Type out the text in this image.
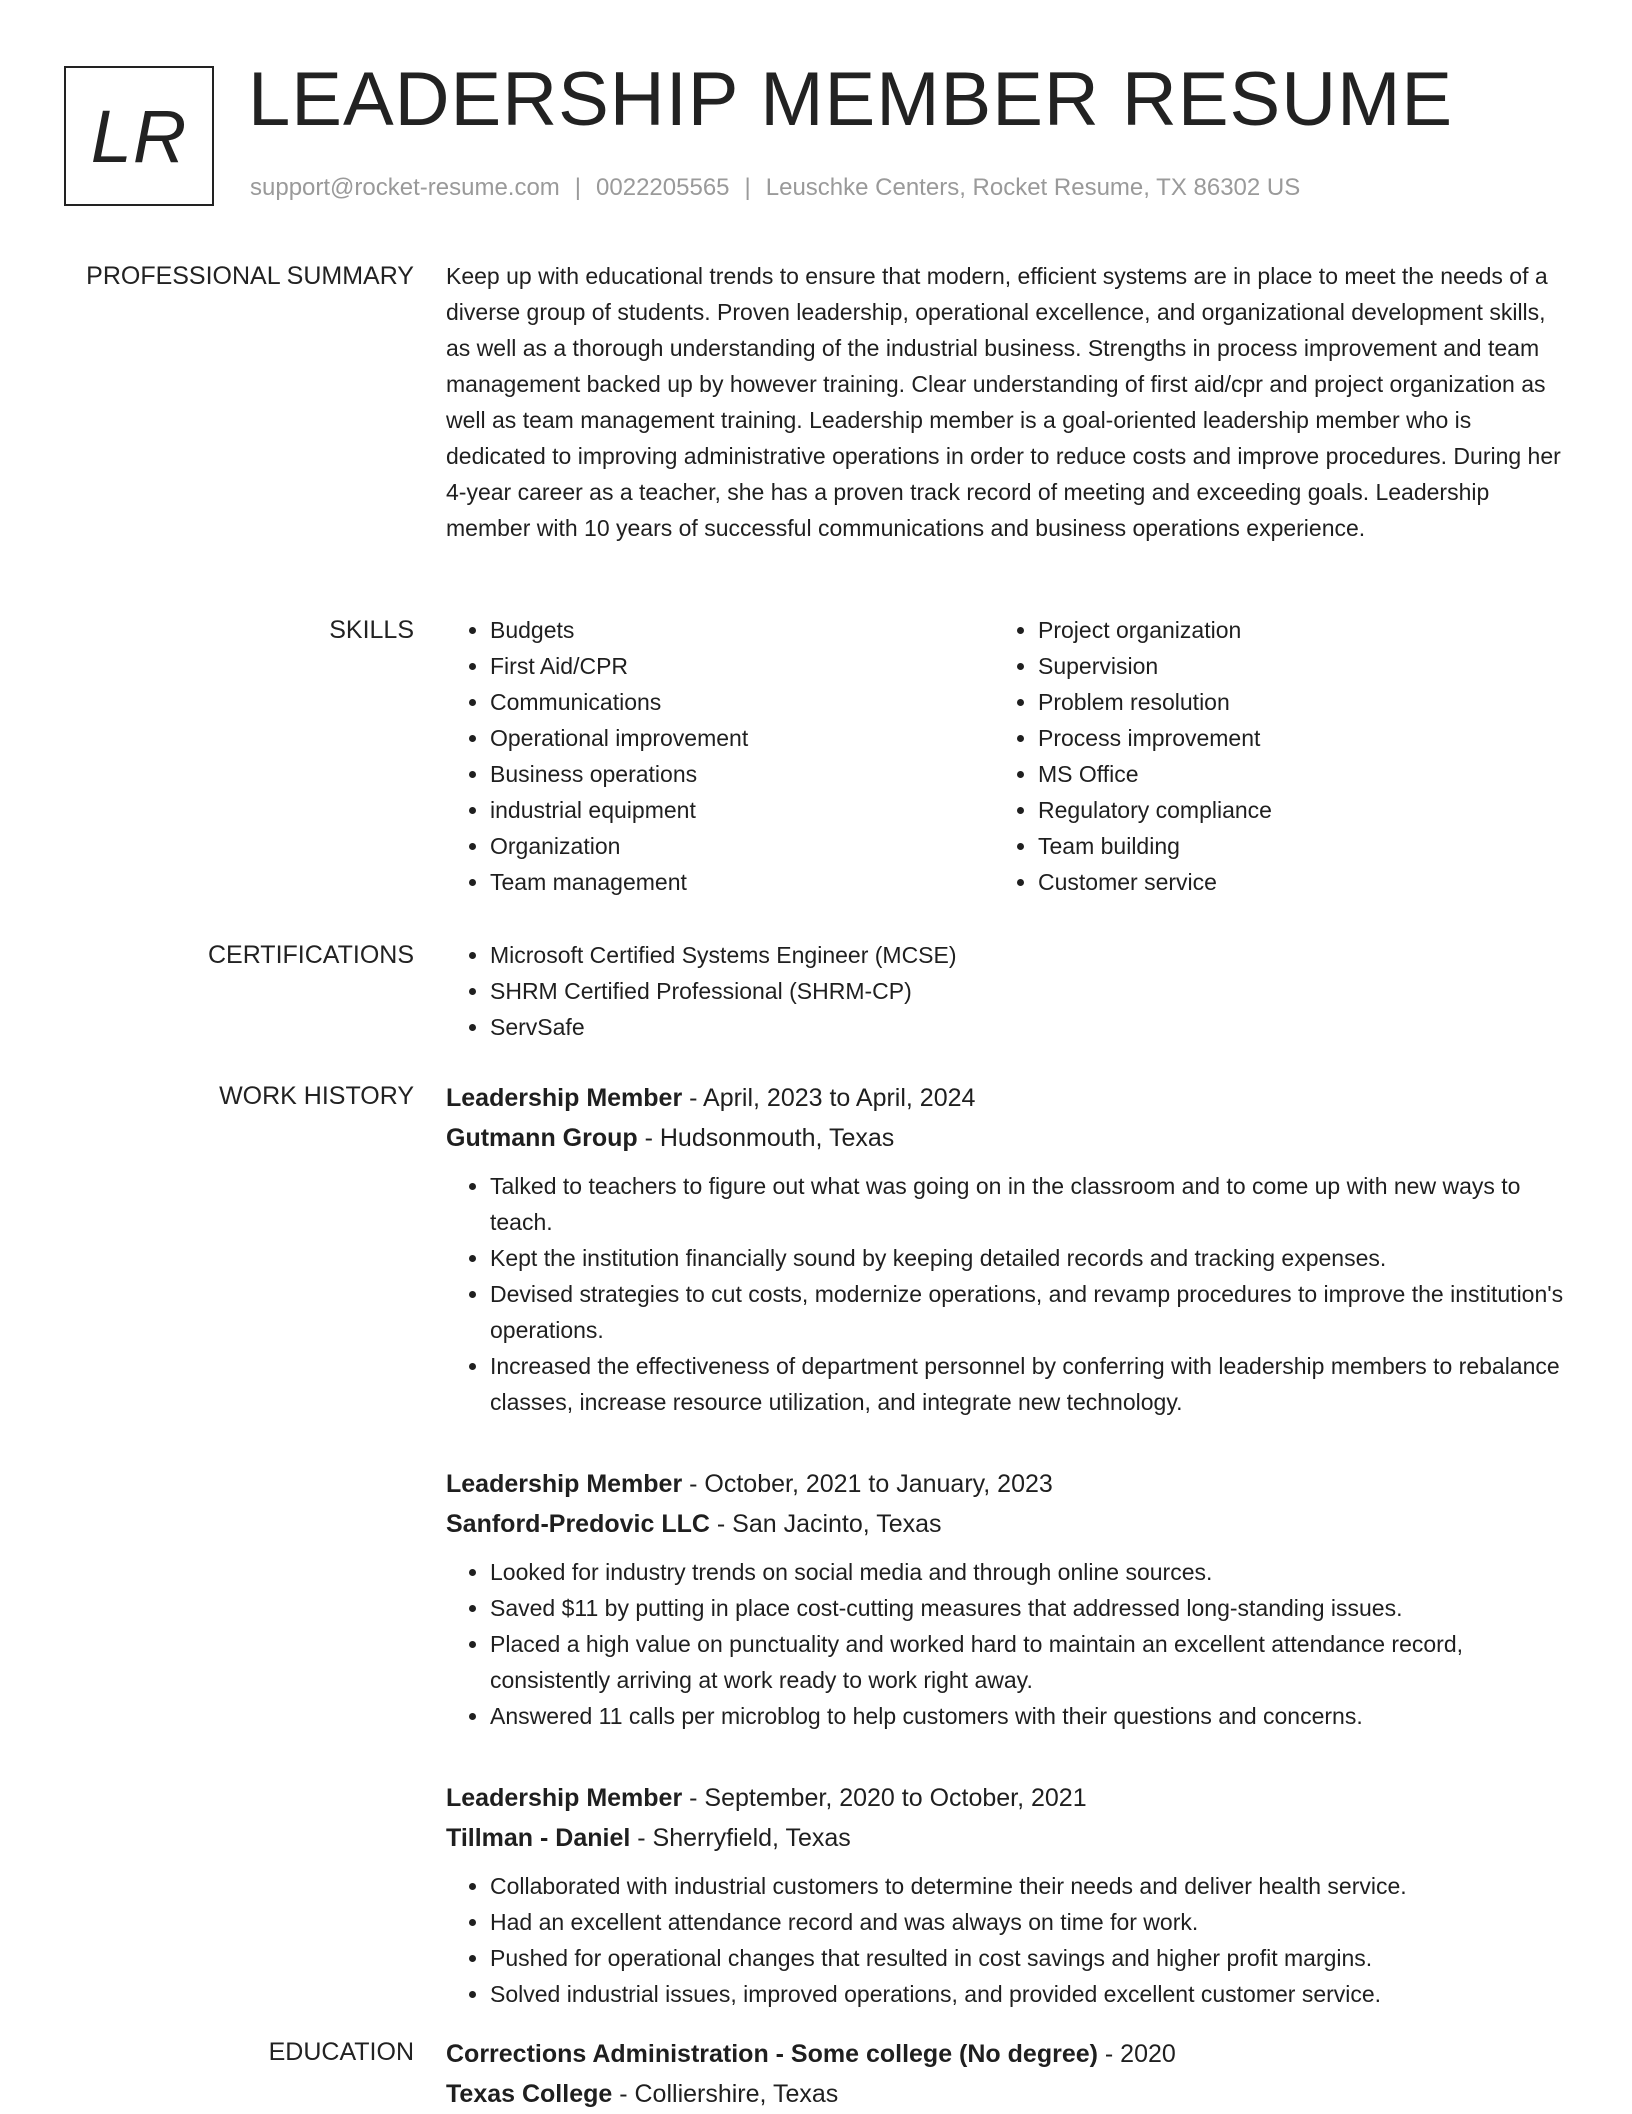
LR LEADERSHIP MEMBER RESUME
support@rocket-resume.com | 0022205565 | Leuschke Centers, Rocket Resume, TX 86302 US
PROFESSIONAL SUMMARY Keep up with educational trends to ensure that modern, efficient systems are in place to meet the needs of a diverse group of students. Proven leadership, operational excellence, and organizational development skills, as well as a thorough understanding of the industrial business. Strengths in process improvement and team management backed up by however training. Clear understanding of first aid/cpr and project organization as well as team management training. Leadership member is a goal-oriented leadership member who is dedicated to improving administrative operations in order to reduce costs and improve procedures. During her 4-year career as a teacher, she has a proven track record of meeting and exceeding goals. Leadership member with 10 years of successful communications and business operations experience.

SKILLS	• Budgets
• First Aid/CPR
• Communications
• Operational improvement
• Business operations
• industrial equipment
• Organization
• Team management
• Project organization
• Supervision
• Problem resolution
• Process improvement
• MS Office
• Regulatory compliance
• Team building
• Customer service
CERTIFICATIONS	• Microsoft Certified Systems Engineer (MCSE)
• SHRM Certified Professional (SHRM-CP)
• ServSafe
WORK HISTORY Leadership Member - April, 2023 to April, 2024
Gutmann Group - Hudsonmouth, Texas
• Talked to teachers to figure out what was going on in the classroom and to come up with new ways to teach.
• Kept the institution financially sound by keeping detailed records and tracking expenses.
• Devised strategies to cut costs, modernize operations, and revamp procedures to improve the institution's operations.
• Increased the effectiveness of department personnel by conferring with leadership members to rebalance classes, increase resource utilization, and integrate new technology.
Leadership Member - October, 2021 to January, 2023
Sanford-Predovic LLC - San Jacinto, Texas
• Looked for industry trends on social media and through online sources.
• Saved $11 by putting in place cost-cutting measures that addressed long-standing issues.
• Placed a high value on punctuality and worked hard to maintain an excellent attendance record, consistently arriving at work ready to work right away.
• Answered 11 calls per microblog to help customers with their questions and concerns.
Leadership Member - September, 2020 to October, 2021
Tillman - Daniel - Sherryfield, Texas
• Collaborated with industrial customers to determine their needs and deliver health service.
• Had an excellent attendance record and was always on time for work.
• Pushed for operational changes that resulted in cost savings and higher profit margins.
• Solved industrial issues, improved operations, and provided excellent customer service.
EDUCATION Corrections Administration - Some college (No degree) - 2020
Texas College - Colliershire, Texas
